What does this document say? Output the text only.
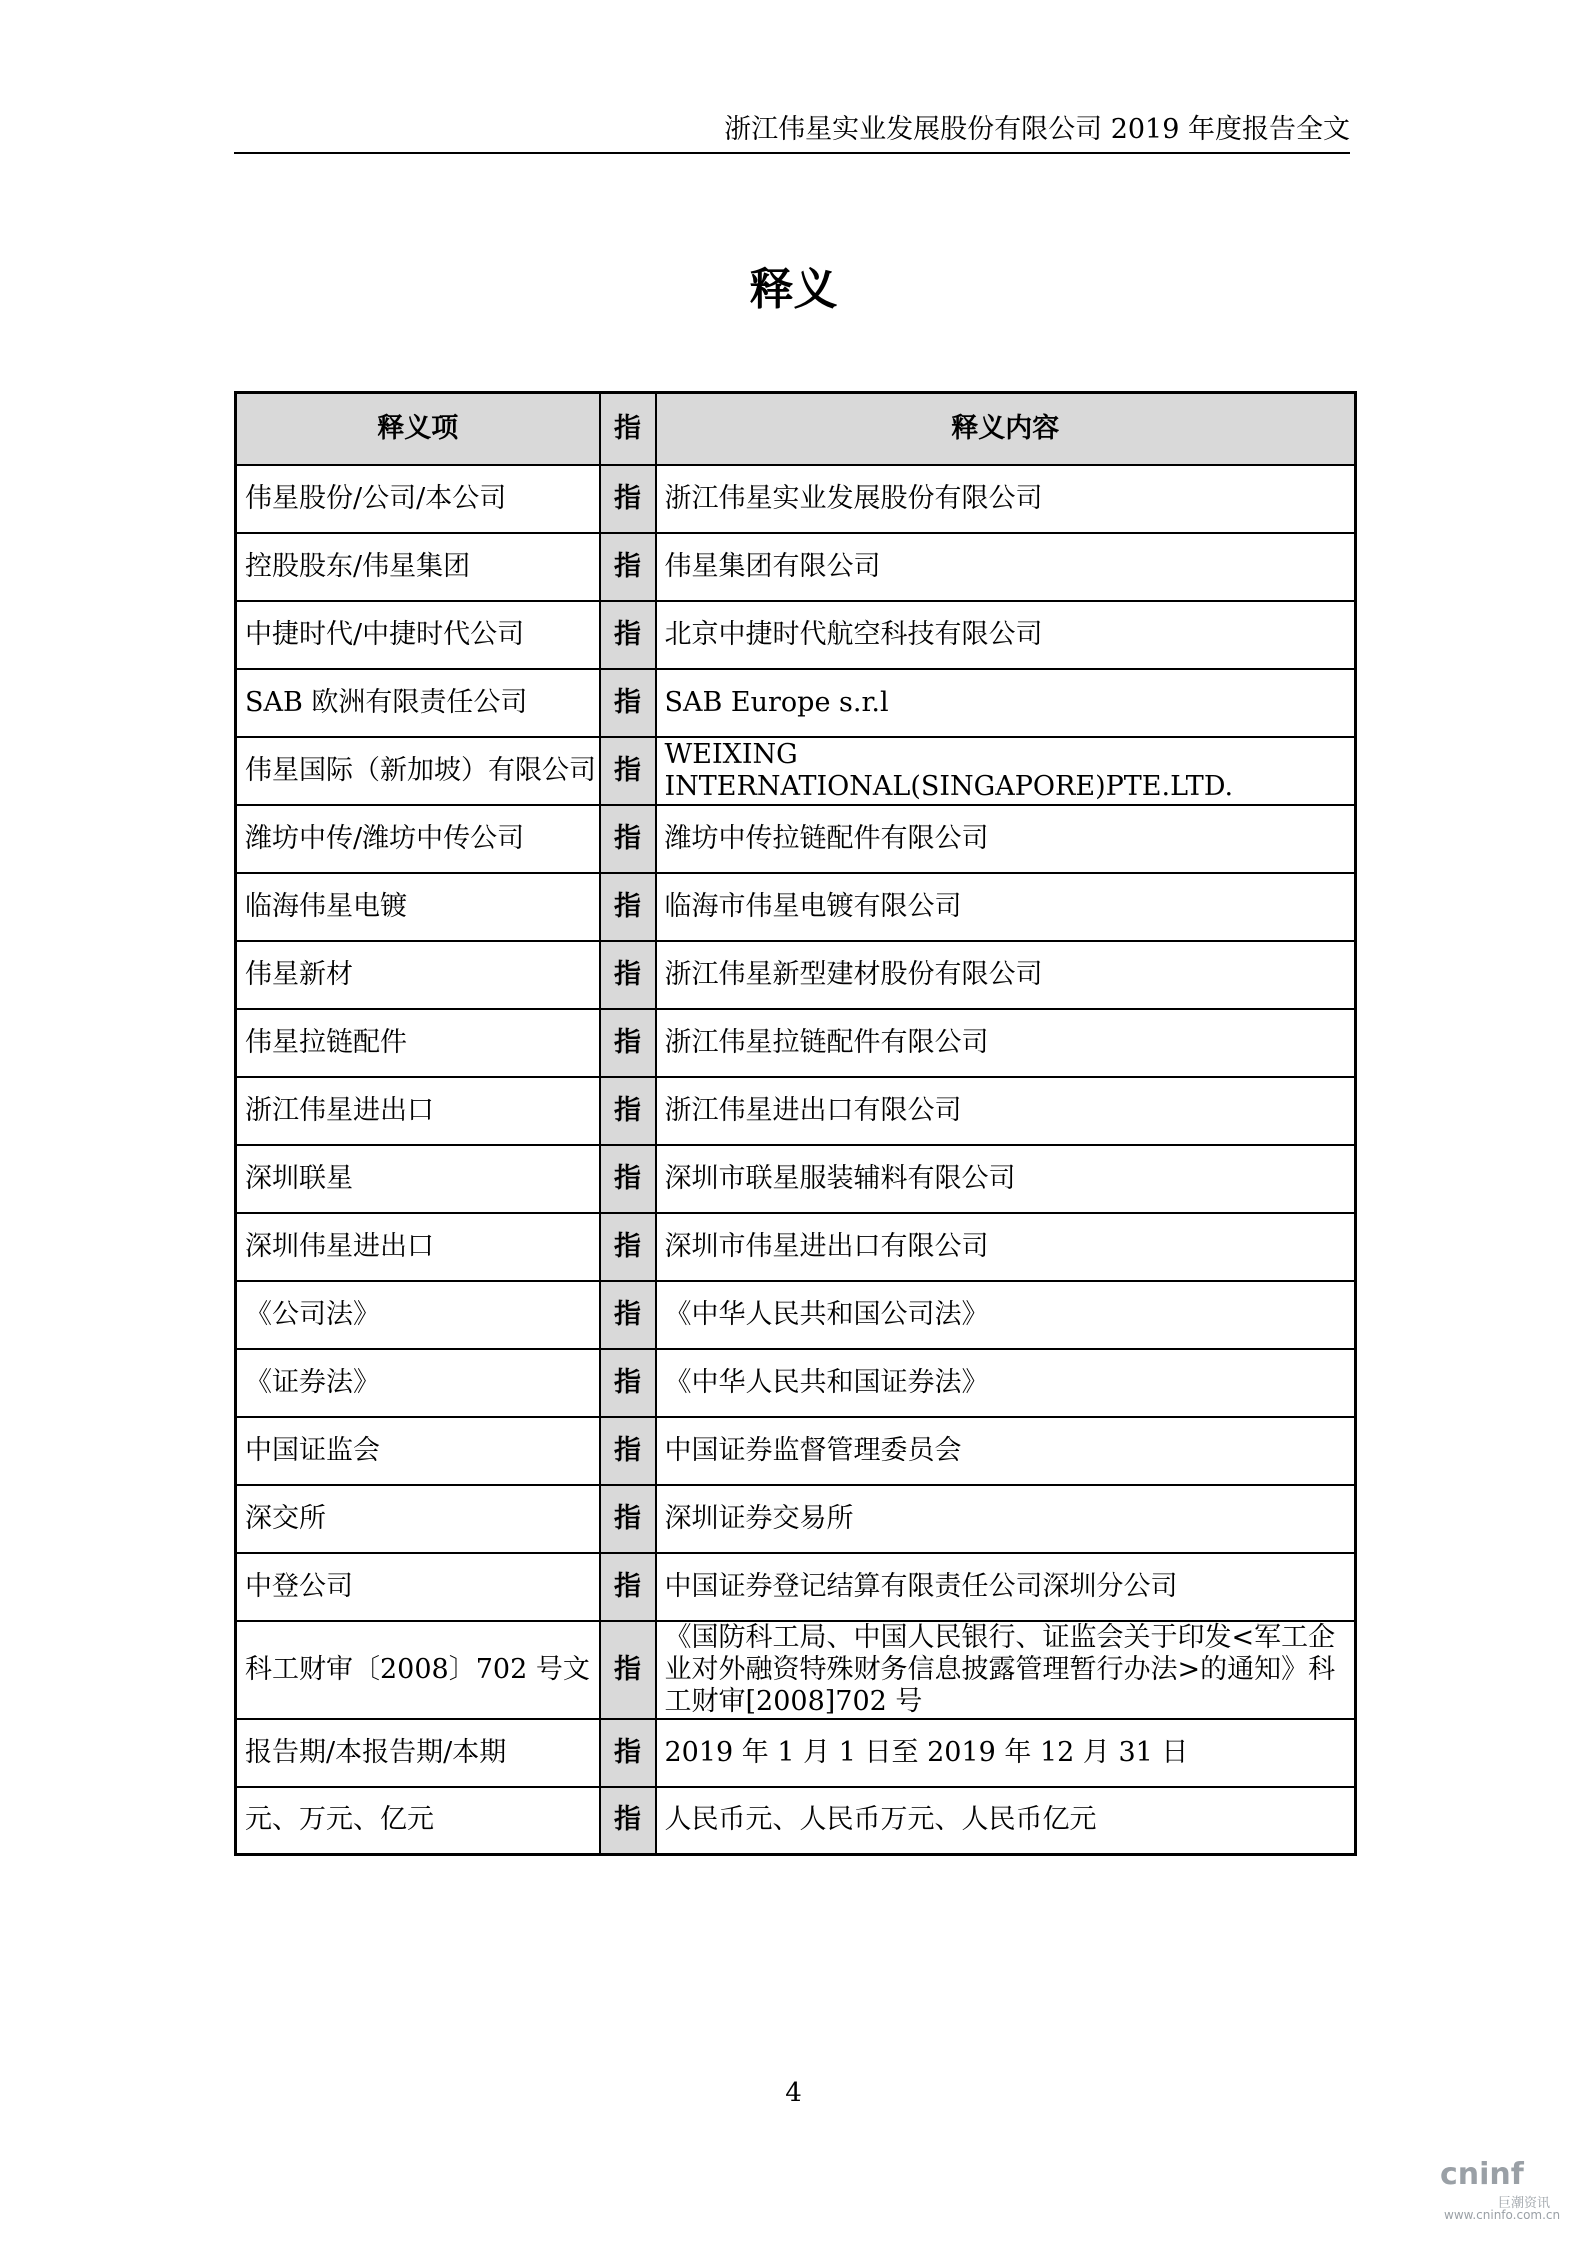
浙江伟星实业发展股份有限公司 2019 年度报告全文
释义
释义项	指	释义内容
伟星股份/公司/本公司	指	浙江伟星实业发展股份有限公司
控股股东/伟星集团	指	伟星集团有限公司
中捷时代/中捷时代公司	指	北京中捷时代航空科技有限公司
SAB 欧洲有限责任公司	指	SAB Europe s.r.l
伟星国际（新加坡）有限公司	指	WEIXING INTERNATIONAL(SINGAPORE)PTE.LTD.
潍坊中传/潍坊中传公司	指	潍坊中传拉链配件有限公司
临海伟星电镀	指	临海市伟星电镀有限公司
伟星新材	指	浙江伟星新型建材股份有限公司
伟星拉链配件	指	浙江伟星拉链配件有限公司
浙江伟星进出口	指	浙江伟星进出口有限公司
深圳联星	指	深圳市联星服装辅料有限公司
深圳伟星进出口	指	深圳市伟星进出口有限公司
《公司法》	指	《中华人民共和国公司法》
《证券法》	指	《中华人民共和国证券法》
中国证监会	指	中国证券监督管理委员会
深交所	指	深圳证券交易所
中登公司	指	中国证券登记结算有限责任公司深圳分公司
科工财审〔2008〕702 号文	指	《国防科工局、中国人民银行、证监会关于印发<军工企业对外融资特殊财务信息披露管理暂行办法>的通知》科工财审[2008]702 号
报告期/本报告期/本期	指	2019 年 1 月 1 日至 2019 年 12 月 31 日
元、万元、亿元	指	人民币元、人民币万元、人民币亿元
4
cninf
巨潮资讯
www.cninfo.com.cn
